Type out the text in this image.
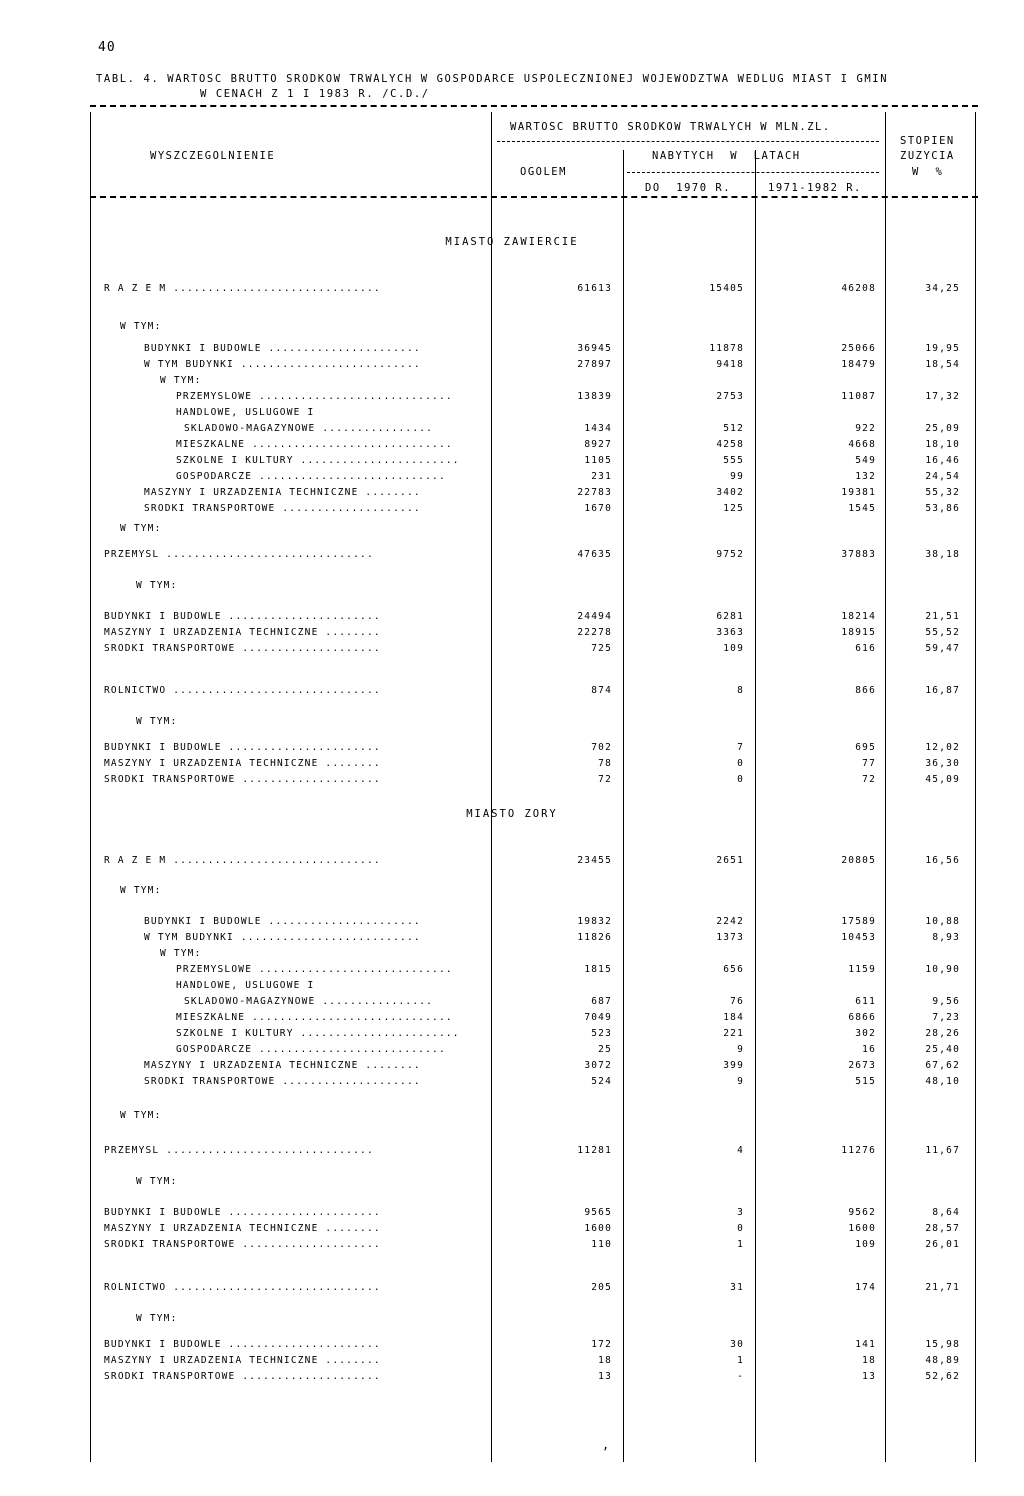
40
TABL. 4. WARTOSC BRUTTO SRODKOW TRWALYCH W GOSPODARCE USPOLECZNIONEJ WOJEWODZTWA WEDLUG MIAST I GMIN
W CENACH Z 1 I 1983 R. /C.D./
WYSZCZEGOLNIENIE
WARTOSC BRUTTO SRODKOW TRWALYCH W MLN.ZL.
OGOLEM
NABYTYCH  W  LATACH
DO  1970 R.	1971-1982 R.
STOPIEN
ZUZYCIA
W  %
MIASTO ZAWIERCIE
MIASTO ZORY
R A Z E M ..............................	61613	15405	46208	34,25
W TYM:
BUDYNKI I BUDOWLE ......................	36945	11878	25066	19,95
W TYM BUDYNKI ..........................	27897	9418	18479	18,54
W TYM:
PRZEMYSLOWE ............................	13839	2753	11087	17,32
HANDLOWE, USLUGOWE I
SKLADOWO-MAGAZYNOWE ................	1434	512	922	25,09
MIESZKALNE .............................	8927	4258	4668	18,10
SZKOLNE I KULTURY .......................	1105	555	549	16,46
GOSPODARCZE ...........................	231	99	132	24,54
MASZYNY I URZADZENIA TECHNICZNE ........	22783	3402	19381	55,32
SRODKI TRANSPORTOWE ....................	1670	125	1545	53,86
W TYM:
PRZEMYSL ..............................	47635	9752	37883	38,18
W TYM:
BUDYNKI I BUDOWLE ......................	24494	6281	18214	21,51
MASZYNY I URZADZENIA TECHNICZNE ........	22278	3363	18915	55,52
SRODKI TRANSPORTOWE ....................	725	109	616	59,47
ROLNICTWO ..............................	874	8	866	16,87
W TYM:
BUDYNKI I BUDOWLE ......................	702	7	695	12,02
MASZYNY I URZADZENIA TECHNICZNE ........	78	0	77	36,30
SRODKI TRANSPORTOWE ....................	72	0	72	45,09
R A Z E M ..............................	23455	2651	20805	16,56
W TYM:
BUDYNKI I BUDOWLE ......................	19832	2242	17589	10,88
W TYM BUDYNKI ..........................	11826	1373	10453	8,93
W TYM:
PRZEMYSLOWE ............................	1815	656	1159	10,90
HANDLOWE, USLUGOWE I
SKLADOWO-MAGAZYNOWE ................	687	76	611	9,56
MIESZKALNE .............................	7049	184	6866	7,23
SZKOLNE I KULTURY .......................	523	221	302	28,26
GOSPODARCZE ...........................	25	9	16	25,40
MASZYNY I URZADZENIA TECHNICZNE ........	3072	399	2673	67,62
SRODKI TRANSPORTOWE ....................	524	9	515	48,10
W TYM:
PRZEMYSL ..............................	11281	4	11276	11,67
W TYM:
BUDYNKI I BUDOWLE ......................	9565	3	9562	8,64
MASZYNY I URZADZENIA TECHNICZNE ........	1600	0	1600	28,57
SRODKI TRANSPORTOWE ....................	110	1	109	26,01
ROLNICTWO ..............................	205	31	174	21,71
W TYM:
BUDYNKI I BUDOWLE ......................	172	30	141	15,98
MASZYNY I URZADZENIA TECHNICZNE ........	18	1	18	48,89
SRODKI TRANSPORTOWE ....................	13	-	13	52,62
,
